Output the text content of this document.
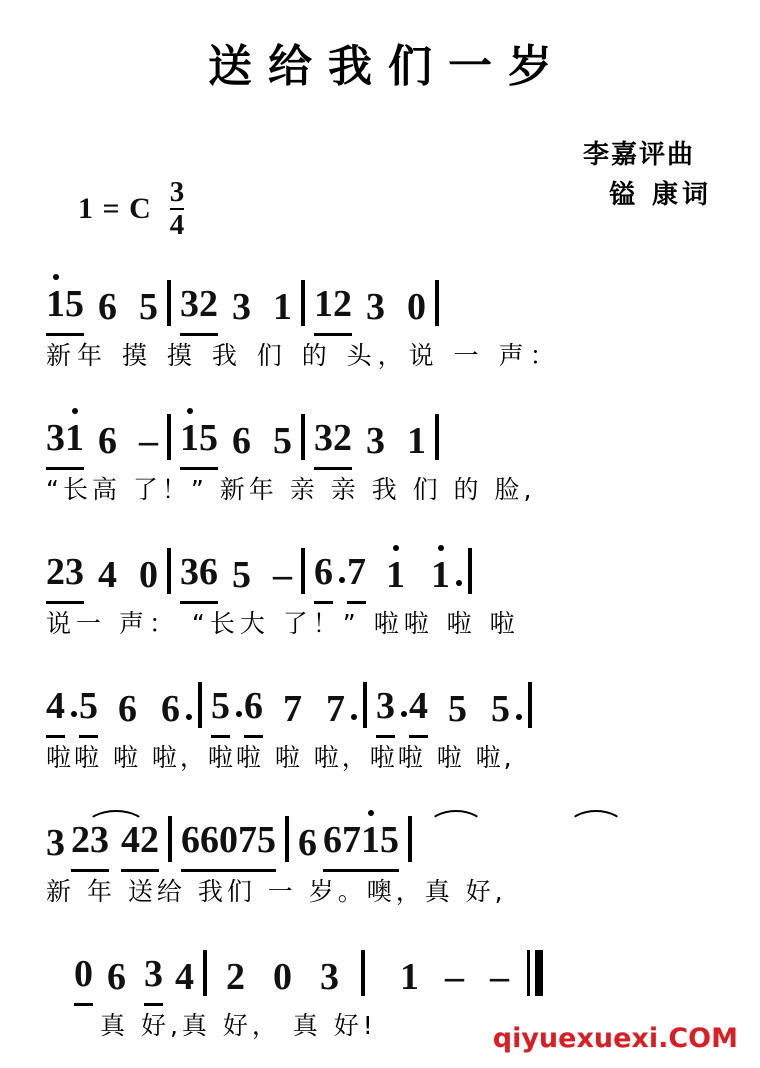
送给我们一岁
李嘉评曲
镒 康词
1 = C $\frac{3}{4}$
1 5 6 5 3 2 3 1 1 2 3 0
新年 摸 摸 我 们 的 头，说 一 声：
3 1 6 – 1 5 6 5 3 2 3 1
“长高 了！” 新年 亲 亲 我 们 的 脸,
2 3 4 0 3 6 5 – 6 7 1 1
说一 声： “长大 了！” 啦啦 啦 啦
4 5 6 6 5 6 7 7 3 4 5 5
啦啦 啦 啦，啦啦 啦 啦，啦啦 啦 啦,
3 2 3 4 2 6 6 0 7 5 6 6 7 1 5
新 年 送给 我们 一 岁。噢，真 好,
0 6 3 4 2 0 3 1 – –
真 好,真 好， 真 好!	qiyuexuexi.COM
